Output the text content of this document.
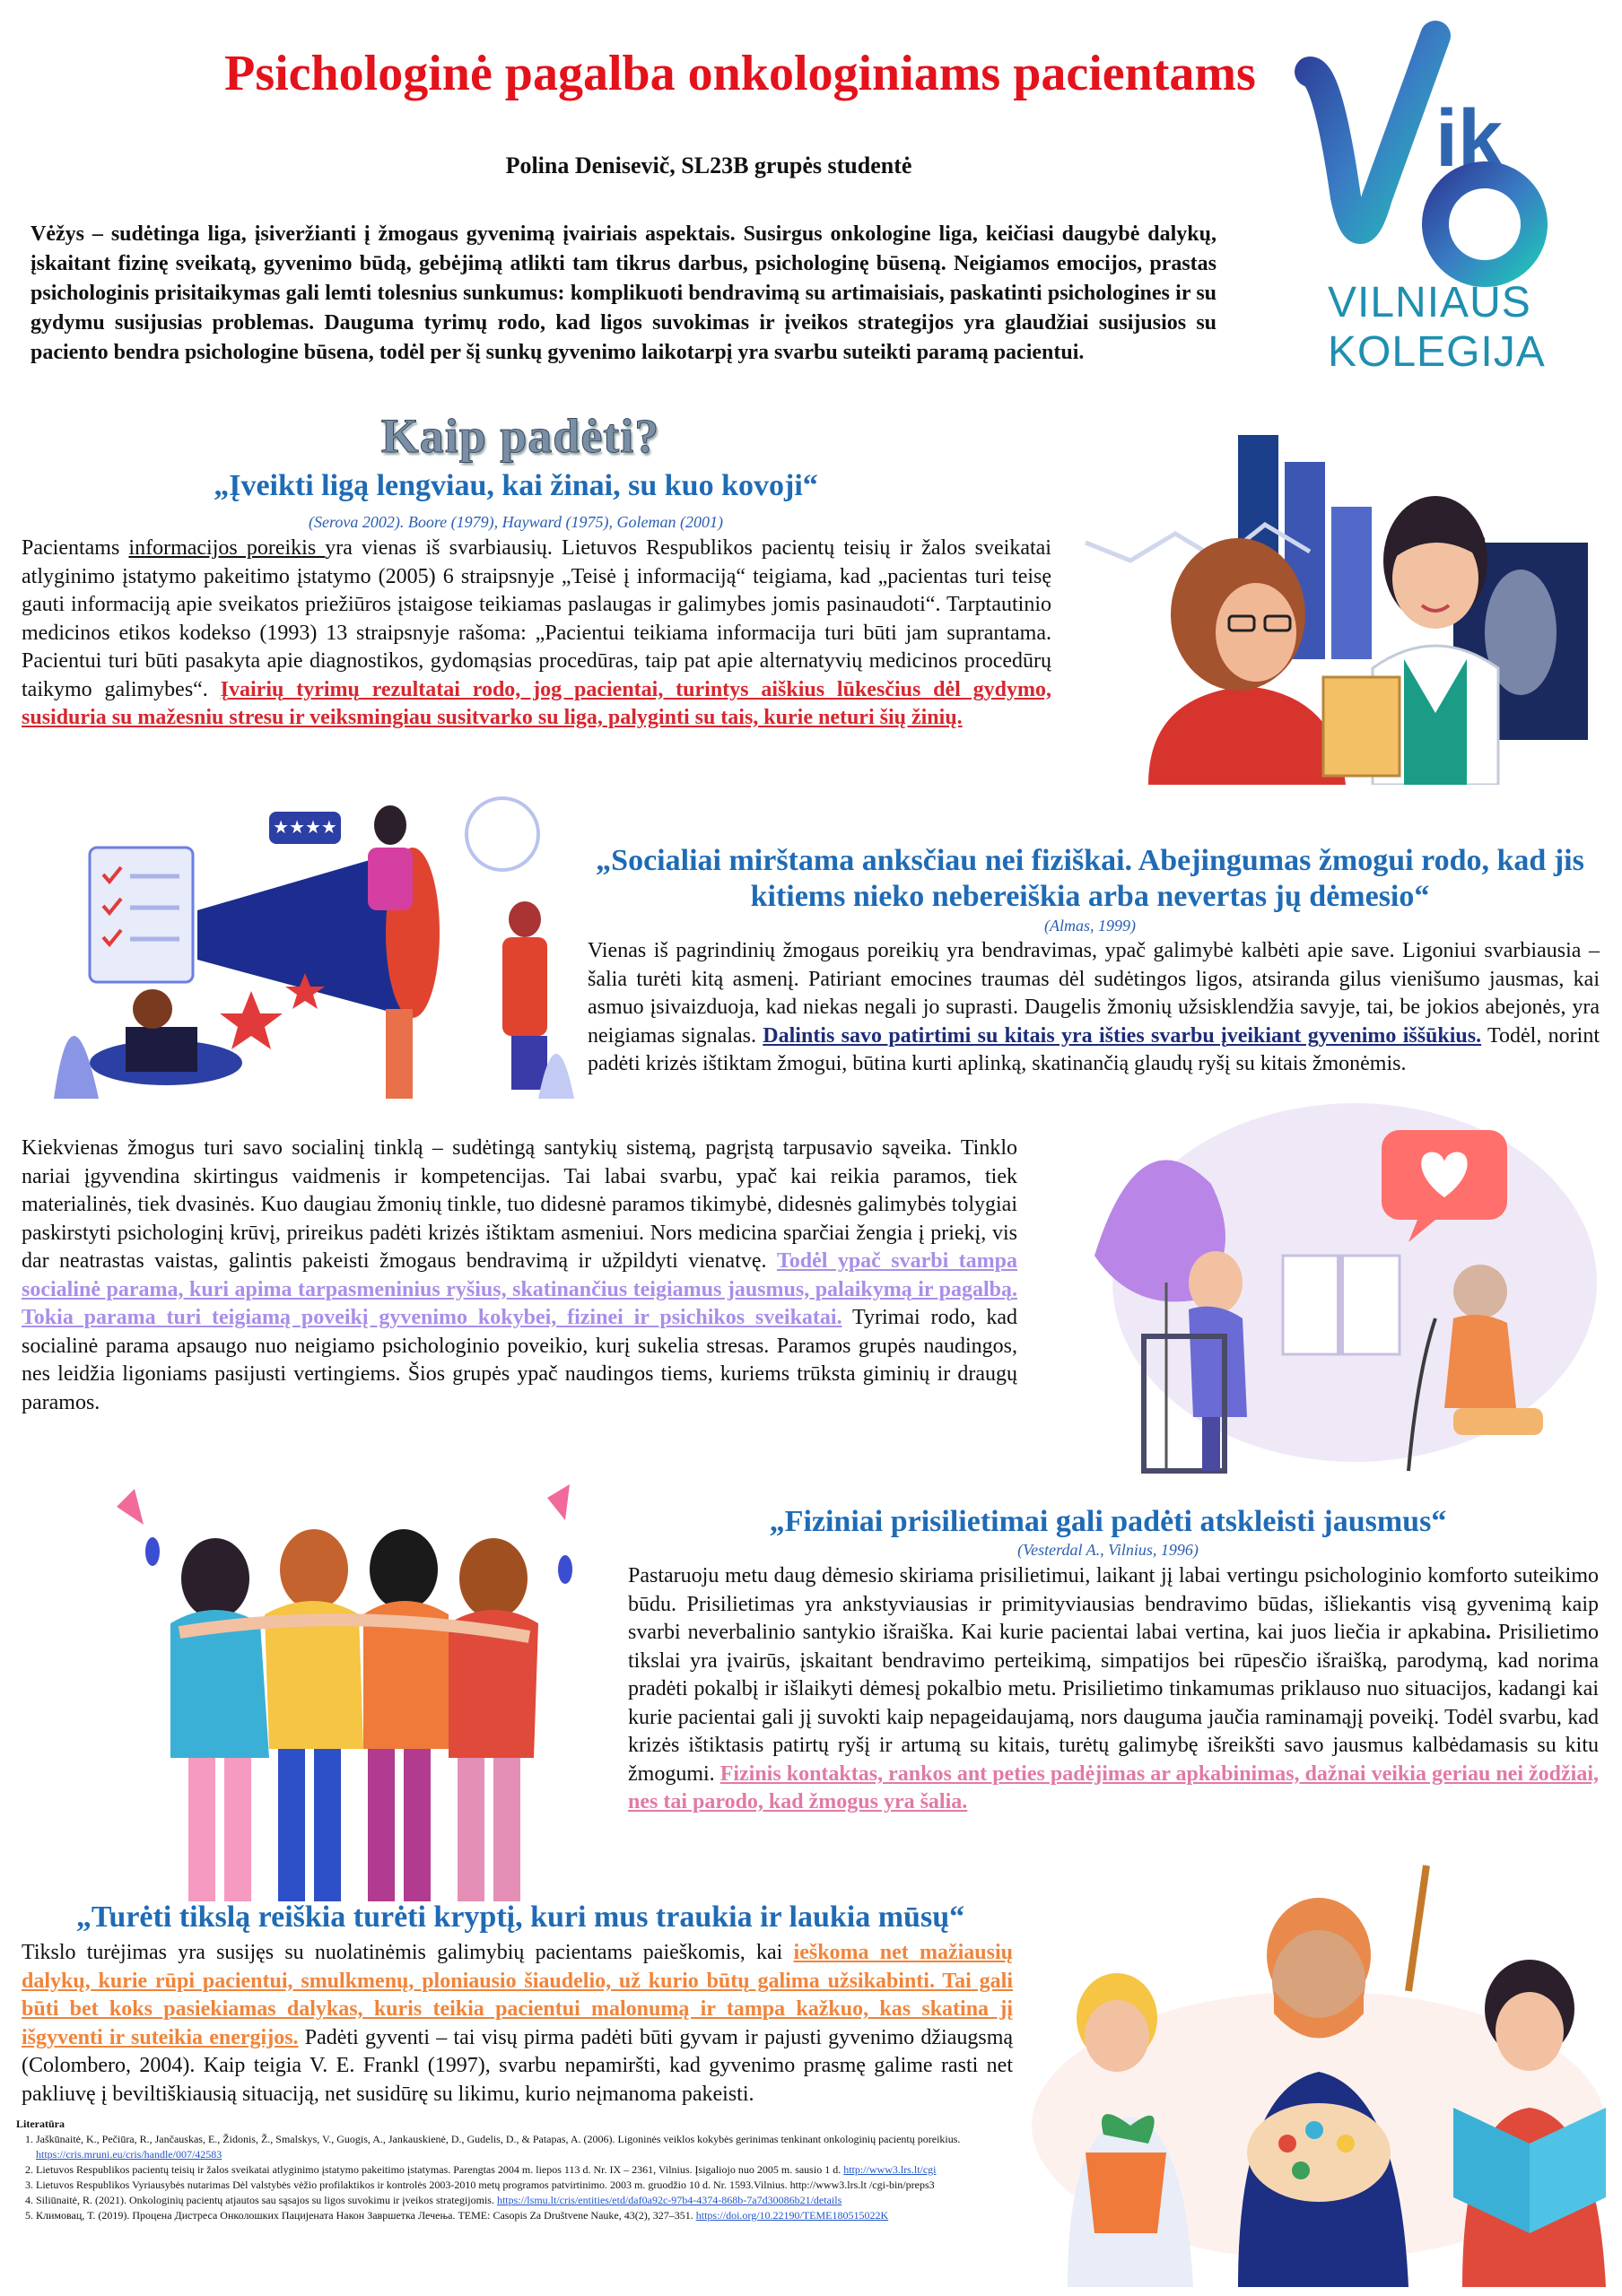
Psichologinė pagalba onkologiniams pacientams
Polina Denisevič, SL23B grupės studentė	ik
VILNIAUS
KOLEGIJA
Vėžys – sudėtinga liga, įsiveržianti į žmogaus gyvenimą įvairiais aspektais. Susirgus onkologine liga, keičiasi daugybė dalykų, įskaitant fizinę sveikatą, gyvenimo būdą, gebėjimą atlikti tam tikrus darbus, psichologinę būseną. Neigiamos emocijos, prastas psichologinis prisitaikymas gali lemti tolesnius sunkumus: komplikuoti bendravimą su artimaisiais, paskatinti psichologines ir su gydymu susijusias problemas. Dauguma tyrimų rodo, kad ligos suvokimas ir įveikos strategijos yra glaudžiai susijusios su paciento bendra psichologine būsena, todėl per šį sunkų gyvenimo laikotarpį yra svarbu suteikti paramą pacientui.
Kaip padėti?
„Įveikti ligą lengviau, kai žinai, su kuo kovoji“
(Serova 2002). Boore (1979), Hayward (1975), Goleman (2001)
Pacientams informacijos poreikis yra vienas iš svarbiausių. Lietuvos Respublikos pacientų teisių ir žalos sveikatai atlyginimo įstatymo pakeitimo įstatymo (2005) 6 straipsnyje „Teisė į informaciją“ teigiama, kad „pacientas turi teisę gauti informaciją apie sveikatos priežiūros įstaigose teikiamas paslaugas ir galimybes jomis pasinaudoti“. Tarptautinio medicinos etikos kodekso (1993) 13 straipsnyje rašoma: „Pacientui teikiama informacija turi būti jam suprantama. Pacientui turi būti pasakyta apie diagnostikos, gydomąsias procedūras, taip pat apie alternatyvių medicinos procedūrų taikymo galimybes“. Įvairių tyrimų rezultatai rodo, jog pacientai, turintys aiškius lūkesčius dėl gydymo, susiduria su mažesniu stresu ir veiksmingiau susitvarko su liga, palyginti su tais, kurie neturi šių žinių.
★★★★
„Socialiai mirštama anksčiau nei fiziškai. Abejingumas žmogui rodo, kad jis kitiems nieko nebereiškia arba nevertas jų dėmesio“
(Almas, 1999)
Vienas iš pagrindinių žmogaus poreikių yra bendravimas, ypač galimybė kalbėti apie save. Ligoniui svarbiausia – šalia turėti kitą asmenį. Patiriant emocines traumas dėl sudėtingos ligos, atsiranda gilus vienišumo jausmas, kai asmuo įsivaizduoja, kad niekas negali jo suprasti. Daugelis žmonių užsisklendžia savyje, tai, be jokios abejonės, yra neigiamas signalas. Dalintis savo patirtimi su kitais yra išties svarbu įveikiant gyvenimo iššūkius. Todėl, norint padėti krizės ištiktam žmogui, būtina kurti aplinką, skatinančią glaudų ryšį su kitais žmonėmis.
Kiekvienas žmogus turi savo socialinį tinklą – sudėtingą santykių sistemą, pagrįstą tarpusavio sąveika. Tinklo nariai įgyvendina skirtingus vaidmenis ir kompetencijas. Tai labai svarbu, ypač kai reikia paramos, tiek materialinės, tiek dvasinės. Kuo daugiau žmonių tinkle, tuo didesnė paramos tikimybė, didesnės galimybės tolygiai paskirstyti psichologinį krūvį, prireikus padėti krizės ištiktam asmeniui. Nors medicina sparčiai žengia į priekį, vis dar neatrastas vaistas, galintis pakeisti žmogaus bendravimą ir užpildyti vienatvę. Todėl ypač svarbi tampa socialinė parama, kuri apima tarpasmeninius ryšius, skatinančius teigiamus jausmus, palaikymą ir pagalbą. Tokia parama turi teigiamą poveikį gyvenimo kokybei, fizinei ir psichikos sveikatai. Tyrimai rodo, kad socialinė parama apsaugo nuo neigiamo psichologinio poveikio, kurį sukelia stresas. Paramos grupės naudingos, nes leidžia ligoniams pasijusti vertingiems. Šios grupės ypač naudingos tiems, kuriems trūksta giminių ir draugų paramos.
„Fiziniai prisilietimai gali padėti atskleisti jausmus“
(Vesterdal A., Vilnius, 1996)
Pastaruoju metu daug dėmesio skiriama prisilietimui, laikant jį labai vertingu psichologinio komforto suteikimo būdu. Prisilietimas yra ankstyviausias ir primityviausias bendravimo būdas, išliekantis visą gyvenimą kaip svarbi neverbalinio santykio išraiška. Kai kurie pacientai labai vertina, kai juos liečia ir apkabina. Prisilietimo tikslai yra įvairūs, įskaitant bendravimo perteikimą, simpatijos bei rūpesčio išraišką, parodymą, kad norima pradėti pokalbį ir išlaikyti dėmesį pokalbio metu. Prisilietimo tinkamumas priklauso nuo situacijos, kadangi kai kurie pacientai gali jį suvokti kaip nepageidaujamą, nors dauguma jaučia raminamąjį poveikį. Todėl svarbu, kad krizės ištiktasis patirtų ryšį ir artumą su kitais, turėtų galimybę išreikšti savo jausmus kalbėdamasis su kitu žmogumi. Fizinis kontaktas, rankos ant peties padėjimas ar apkabinimas, dažnai veikia geriau nei žodžiai, nes tai parodo, kad žmogus yra šalia.
„Turėti tikslą reiškia turėti kryptį, kuri mus traukia ir laukia mūsų“
Tikslo turėjimas yra susijęs su nuolatinėmis galimybių pacientams paieškomis, kai ieškoma net mažiausių dalykų, kurie rūpi pacientui, smulkmenų, ploniausio šiaudelio, už kurio būtų galima užsikabinti. Tai gali būti bet koks pasiekiamas dalykas, kuris teikia pacientui malonumą ir tampa kažkuo, kas skatina jį išgyventi ir suteikia energijos. Padėti gyventi – tai visų pirma padėti būti gyvam ir pajusti gyvenimo džiaugsmą (Colombero, 2004). Kaip teigia V. E. Frankl (1997), svarbu nepamiršti, kad gyvenimo prasmę galime rasti net pakliuvę į beviltiškiausią situaciją, net susidūrę su likimu, kurio neįmanoma pakeisti.
Literatūra
1. Jaškūnaitė, K., Pečiūra, R., Jančauskas, E., Židonis, Ž., Smalskys, V., Guogis, A., Jankauskienė, D., Gudelis, D., & Patapas, A. (2006). Ligoninės veiklos kokybės gerinimas tenkinant onkologinių pacientų poreikius. https://cris.mruni.eu/cris/handle/007/42583
2. Lietuvos Respublikos pacientų teisių ir žalos sveikatai atlyginimo įstatymo pakeitimo įstatymas. Parengtas 2004 m. liepos 113 d. Nr. IX – 2361, Vilnius. Įsigaliojo nuo 2005 m. sausio 1 d. http://www3.lrs.lt/cgi
3. Lietuvos Respublikos Vyriausybės nutarimas Dėl valstybės vėžio profilaktikos ir kontrolės 2003-2010 metų programos patvirtinimo. 2003 m. gruodžio 10 d. Nr. 1593.Vilnius. http://www3.lrs.lt /cgi-bin/preps3
4. Siliūnaitė, R. (2021). Onkologinių pacientų atjautos sau sąsajos su ligos suvokimu ir įveikos strategijomis. https://lsmu.lt/cris/entities/etd/daf0a92c-97b4-4374-868b-7a7d30086b21/details
5. Климовац, Т. (2019). Процена Дистреса Онколошких Пацијената Након Завршетка Лечења. TEME: Casopis Za Društvene Nauke, 43(2), 327–351. https://doi.org/10.22190/TEME180515022K
